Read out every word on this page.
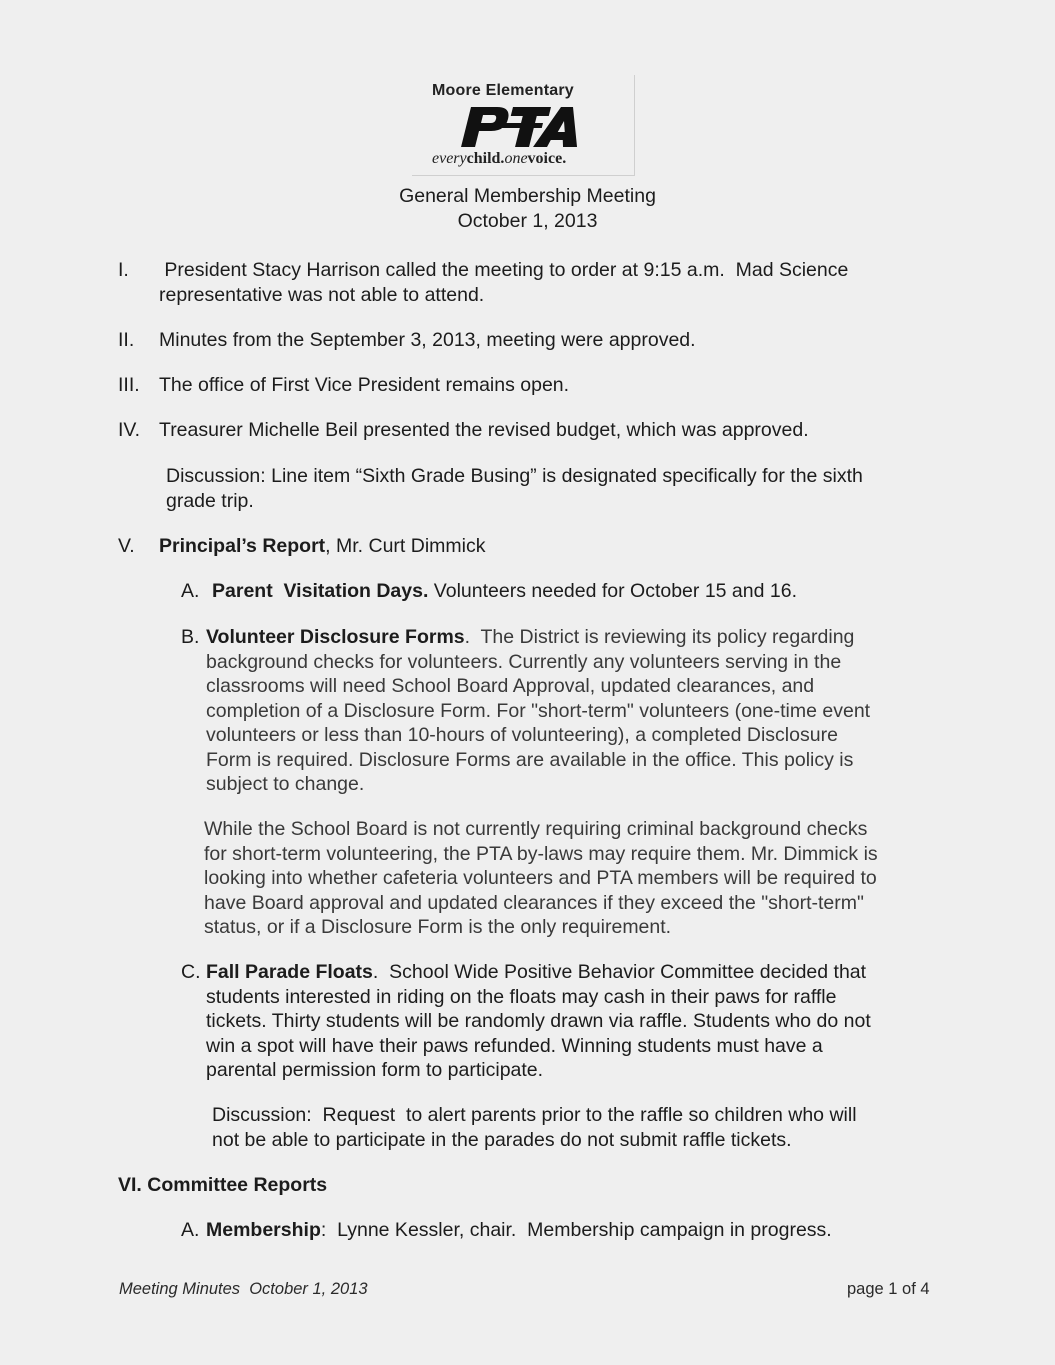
Moore Elementary
everychild.onevoice.
General Membership Meeting
October 1, 2013
I. President Stacy Harrison called the meeting to order at 9:15 a.m.  Mad Science

representative was not able to attend.

II. Minutes from the September 3, 2013, meeting were approved.

III. The office of First Vice President remains open.

IV. Treasurer Michelle Beil presented the revised budget, which was approved.

Discussion: Line item “Sixth Grade Busing” is designated specifically for the sixth

grade trip.

V. Principal’s Report, Mr. Curt Dimmick

A. Parent  Visitation Days. Volunteers needed for October 15 and 16.

B. Volunteer Disclosure Forms.  The District is reviewing its policy regarding

background checks for volunteers. Currently any volunteers serving in the

classrooms will need School Board Approval, updated clearances, and

completion of a Disclosure Form. For "short-term" volunteers (one-time event

volunteers or less than 10-hours of volunteering), a completed Disclosure

Form is required. Disclosure Forms are available in the office. This policy is

subject to change.

While the School Board is not currently requiring criminal background checks

for short-term volunteering, the PTA by-laws may require them. Mr. Dimmick is

looking into whether cafeteria volunteers and PTA members will be required to

have Board approval and updated clearances if they exceed the "short-term"

status, or if a Disclosure Form is the only requirement.

C. Fall Parade Floats.  School Wide Positive Behavior Committee decided that

students interested in riding on the floats may cash in their paws for raffle

tickets. Thirty students will be randomly drawn via raffle. Students who do not

win a spot will have their paws refunded. Winning students must have a

parental permission form to participate.

Discussion:  Request  to alert parents prior to the raffle so children who will

not be able to participate in the parades do not submit raffle tickets.

VI. Committee Reports

A. Membership:  Lynne Kessler, chair.  Membership campaign in progress.

Meeting Minutes  October 1, 2013	page 1 of 4
